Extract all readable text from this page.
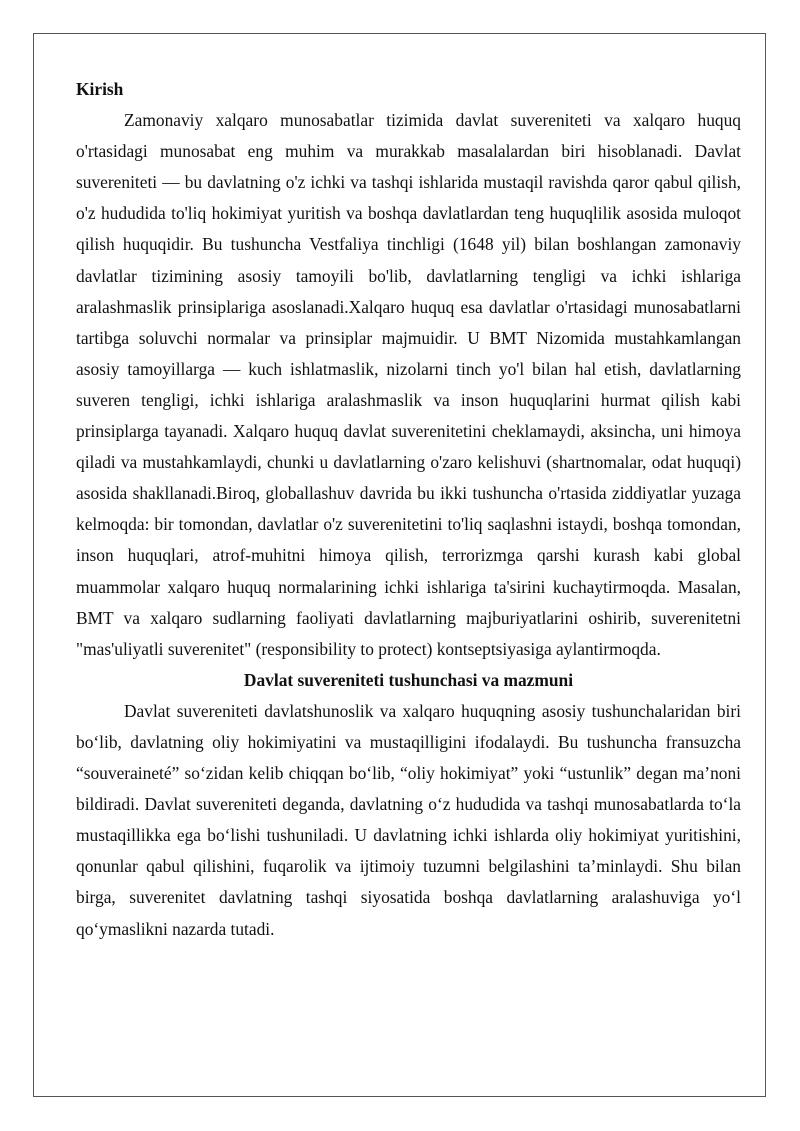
Kirish

Zamonaviy xalqaro munosabatlar tizimida davlat suvereniteti va xalqaro huquq o'rtasidagi munosabat eng muhim va murakkab masalalardan biri hisoblanadi. Davlat suvereniteti — bu davlatning o'z ichki va tashqi ishlarida mustaqil ravishda qaror qabul qilish, o'z hududida to'liq hokimiyat yuritish va boshqa davlatlardan teng huquqlilik asosida muloqot qilish huquqidir. Bu tushuncha Vestfaliya tinchligi (1648 yil) bilan boshlangan zamonaviy davlatlar tizimining asosiy tamoyili bo'lib, davlatlarning tengligi va ichki ishlariga aralashmaslik prinsiplariga asoslanadi.Xalqaro huquq esa davlatlar o'rtasidagi munosabatlarni tartibga soluvchi normalar va prinsiplar majmuidir. U BMT Nizomida mustahkamlangan asosiy tamoyillarga — kuch ishlatmaslik, nizolarni tinch yo'l bilan hal etish, davlatlarning suveren tengligi, ichki ishlariga aralashmaslik va inson huquqlarini hurmat qilish kabi prinsiplarga tayanadi. Xalqaro huquq davlat suverenitetini cheklamaydi, aksincha, uni himoya qiladi va mustahkamlaydi, chunki u davlatlarning o'zaro kelishuvi (shartnomalar, odat huquqi) asosida shakllanadi.Biroq, globallashuv davrida bu ikki tushuncha o'rtasida ziddiyatlar yuzaga kelmoqda: bir tomondan, davlatlar o'z suverenitetini to'liq saqlashni istaydi, boshqa tomondan, inson huquqlari, atrof-muhitni himoya qilish, terrorizmga qarshi kurash kabi global muammolar xalqaro huquq normalarining ichki ishlariga ta'sirini kuchaytirmoqda. Masalan, BMT va xalqaro sudlarning faoliyati davlatlarning majburiyatlarini oshirib, suverenitetni "mas'uliyatli suverenitet" (responsibility to protect) kontseptsiyasiga aylantirmoqda.

Davlat suvereniteti tushunchasi va mazmuni

Davlat suvereniteti davlatshunoslik va xalqaro huquqning asosiy tushunchalaridan biri bo‘lib, davlatning oliy hokimiyatini va mustaqilligini ifodalaydi. Bu tushuncha fransuzcha “souveraineté” so‘zidan kelib chiqqan bo‘lib, “oliy hokimiyat” yoki “ustunlik” degan ma’noni bildiradi. Davlat suvereniteti deganda, davlatning o‘z hududida va tashqi munosabatlarda to‘la mustaqillikka ega bo‘lishi tushuniladi. U davlatning ichki ishlarda oliy hokimiyat yuritishini, qonunlar qabul qilishini, fuqarolik va ijtimoiy tuzumni belgilashini ta’minlaydi. Shu bilan birga, suverenitet davlatning tashqi siyosatida boshqa davlatlarning aralashuviga yo‘l qo‘ymaslikni nazarda tutadi.
